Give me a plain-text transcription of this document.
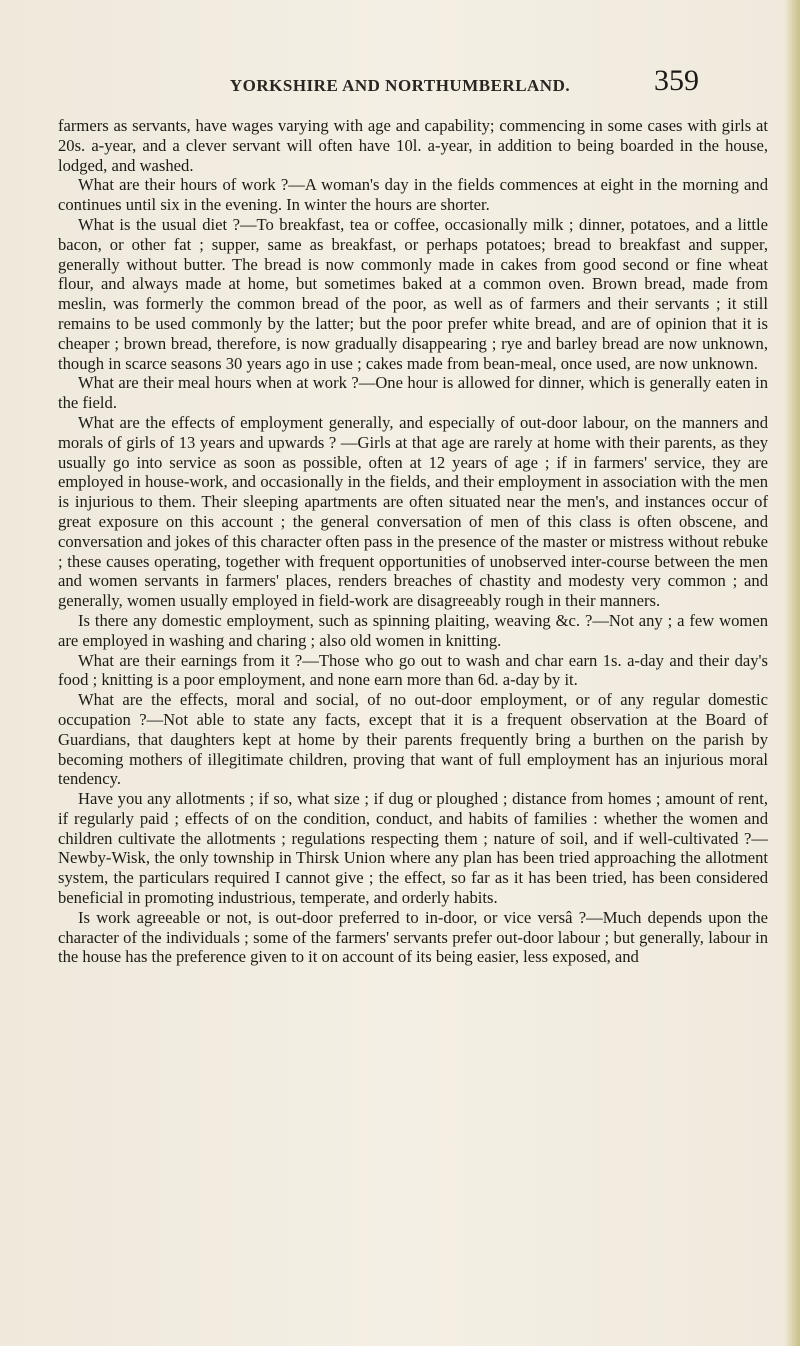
YORKSHIRE AND NORTHUMBERLAND.	359

farmers as servants, have wages varying with age and capability; commencing in some cases with girls at 20s. a-year, and a clever servant will often have 10l. a-year, in addition to being boarded in the house, lodged, and washed.

What are their hours of work ?—A woman's day in the fields commences at eight in the morning and continues until six in the evening. In winter the hours are shorter.

What is the usual diet ?—To breakfast, tea or coffee, occasionally milk ; dinner, potatoes, and a little bacon, or other fat ; supper, same as breakfast, or perhaps potatoes; bread to breakfast and supper, generally without butter. The bread is now commonly made in cakes from good second or fine wheat flour, and always made at home, but sometimes baked at a common oven. Brown bread, made from meslin, was formerly the common bread of the poor, as well as of farmers and their servants ; it still remains to be used commonly by the latter; but the poor prefer white bread, and are of opinion that it is cheaper ; brown bread, therefore, is now gradually disappearing ; rye and barley bread are now unknown, though in scarce seasons 30 years ago in use ; cakes made from bean-meal, once used, are now unknown.

What are their meal hours when at work ?—One hour is allowed for dinner, which is generally eaten in the field.

What are the effects of employment generally, and especially of out-door labour, on the manners and morals of girls of 13 years and upwards ? —Girls at that age are rarely at home with their parents, as they usually go into service as soon as possible, often at 12 years of age ; if in farmers' service, they are employed in house-work, and occasionally in the fields, and their employment in association with the men is injurious to them. Their sleeping apartments are often situated near the men's, and instances occur of great exposure on this account ; the general conversation of men of this class is often obscene, and conversation and jokes of this character often pass in the presence of the master or mistress without rebuke ; these causes operating, together with frequent opportunities of unobserved inter-course between the men and women servants in farmers' places, renders breaches of chastity and modesty very common ; and generally, women usually employed in field-work are disagreeably rough in their manners.

Is there any domestic employment, such as spinning plaiting, weaving &c. ?—Not any ; a few women are employed in washing and charing ; also old women in knitting.

What are their earnings from it ?—Those who go out to wash and char earn 1s. a-day and their day's food ; knitting is a poor employment, and none earn more than 6d. a-day by it.

What are the effects, moral and social, of no out-door employment, or of any regular domestic occupation ?—Not able to state any facts, except that it is a frequent observation at the Board of Guardians, that daughters kept at home by their parents frequently bring a burthen on the parish by becoming mothers of illegitimate children, proving that want of full employment has an injurious moral tendency.

Have you any allotments ; if so, what size ; if dug or ploughed ; distance from homes ; amount of rent, if regularly paid ; effects of on the condition, conduct, and habits of families : whether the women and children cultivate the allotments ; regulations respecting them ; nature of soil, and if well-cultivated ?—Newby-Wisk, the only township in Thirsk Union where any plan has been tried approaching the allotment system, the particulars required I cannot give ; the effect, so far as it has been tried, has been considered beneficial in promoting industrious, temperate, and orderly habits.

Is work agreeable or not, is out-door preferred to in-door, or vice versâ ?—Much depends upon the character of the individuals ; some of the farmers' servants prefer out-door labour ; but generally, labour in the house has the preference given to it on account of its being easier, less exposed, and
